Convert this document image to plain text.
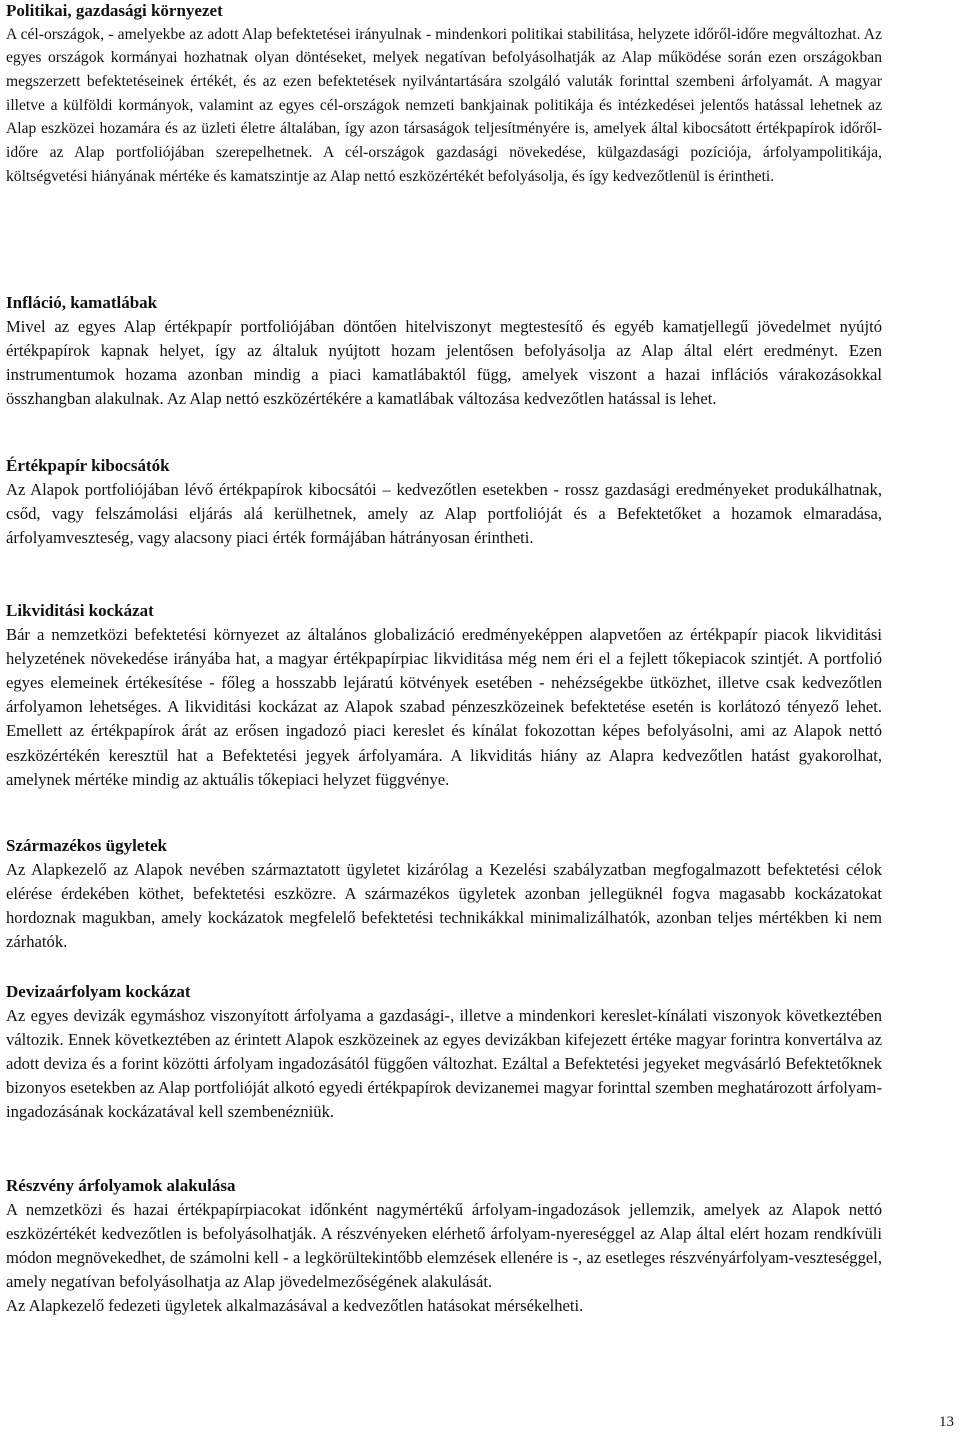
Politikai, gazdasági környezet

A cél-országok, - amelyekbe az adott Alap befektetései irányulnak - mindenkori politikai stabilitása, helyzete időről-időre megváltozhat. Az egyes országok kormányai hozhatnak olyan döntéseket, melyek negatívan befolyásolhatják az Alap működése során ezen országokban megszerzett befektetéseinek értékét, és az ezen befektetések nyilvántartására szolgáló valuták forinttal szembeni árfolyamát. A magyar illetve a külföldi kormányok, valamint az egyes cél-országok nemzeti bankjainak politikája és intézkedései jelentős hatással lehetnek az Alap eszközei hozamára és az üzleti életre általában, így azon társaságok teljesítményére is, amelyek által kibocsátott értékpapírok időről-időre az Alap portfoliójában szerepelhetnek. A cél-országok gazdasági növekedése, külgazdasági pozíciója, árfolyampolitikája, költségvetési hiányának mértéke és kamatszintje az Alap nettó eszközértékét befolyásolja, és így kedvezőtlenül is érintheti.

Infláció, kamatlábak

Mivel az egyes Alap értékpapír portfoliójában döntően hitelviszonyt megtestesítő és egyéb kamatjellegű jövedelmet nyújtó értékpapírok kapnak helyet, így az általuk nyújtott hozam jelentősen befolyásolja az Alap által elért eredményt. Ezen instrumentumok hozama azonban mindig a piaci kamatlábaktól függ, amelyek viszont a hazai inflációs várakozásokkal összhangban alakulnak. Az Alap nettó eszközértékére a kamatlábak változása kedvezőtlen hatással is lehet.

Értékpapír kibocsátók

Az Alapok portfoliójában lévő értékpapírok kibocsátói – kedvezőtlen esetekben - rossz gazdasági eredményeket produkálhatnak, csőd, vagy felszámolási eljárás alá kerülhetnek, amely az Alap portfolióját és a Befektetőket a hozamok elmaradása, árfolyamveszteség, vagy alacsony piaci érték formájában hátrányosan érintheti.

Likviditási kockázat

Bár a nemzetközi befektetési környezet az általános globalizáció eredményeképpen alapvetően az értékpapír piacok likviditási helyzetének növekedése irányába hat, a magyar értékpapírpiac likviditása még nem éri el a fejlett tőkepiacok szintjét. A portfolió egyes elemeinek értékesítése - főleg a hosszabb lejáratú kötvények esetében - nehézségekbe ütközhet, illetve csak kedvezőtlen árfolyamon lehetséges. A likviditási kockázat az Alapok szabad pénzeszközeinek befektetése esetén is korlátozó tényező lehet. Emellett az értékpapírok árát az erősen ingadozó piaci kereslet és kínálat fokozottan képes befolyásolni, ami az Alapok nettó eszközértékén keresztül hat a Befektetési jegyek árfolyamára. A likviditás hiány az Alapra kedvezőtlen hatást gyakorolhat, amelynek mértéke mindig az aktuális tőkepiaci helyzet függvénye.

Származékos ügyletek

Az Alapkezelő az Alapok nevében származtatott ügyletet kizárólag a Kezelési szabályzatban megfogalmazott befektetési célok elérése érdekében köthet, befektetési eszközre. A származékos ügyletek azonban jellegüknél fogva magasabb kockázatokat hordoznak magukban, amely kockázatok megfelelő befektetési technikákkal minimalizálhatók, azonban teljes mértékben ki nem zárhatók.

Devizaárfolyam kockázat

Az egyes devizák egymáshoz viszonyított árfolyama a gazdasági-, illetve a mindenkori kereslet-kínálati viszonyok következtében változik. Ennek következtében az érintett Alapok eszközeinek az egyes devizákban kifejezett értéke magyar forintra konvertálva az adott deviza és a forint közötti árfolyam ingadozásától függően változhat. Ezáltal a Befektetési jegyeket megvásárló Befektetőknek bizonyos esetekben az Alap portfolióját alkotó egyedi értékpapírok devizanemei magyar forinttal szemben meghatározott árfolyam-ingadozásának kockázatával kell szembenézniük.

Részvény árfolyamok alakulása

A nemzetközi és hazai értékpapírpiacokat időnként nagymértékű árfolyam-ingadozások jellemzik, amelyek az Alapok nettó eszközértékét kedvezőtlen is befolyásolhatják. A részvényeken elérhető árfolyam-nyereséggel az Alap által elért hozam rendkívüli módon megnövekedhet, de számolni kell - a legkörültekintőbb elemzések ellenére is -, az esetleges részvényárfolyam-veszteséggel, amely negatívan befolyásolhatja az Alap jövedelmezőségének alakulását.

Az Alapkezelő fedezeti ügyletek alkalmazásával a kedvezőtlen hatásokat mérsékelheti.

13
